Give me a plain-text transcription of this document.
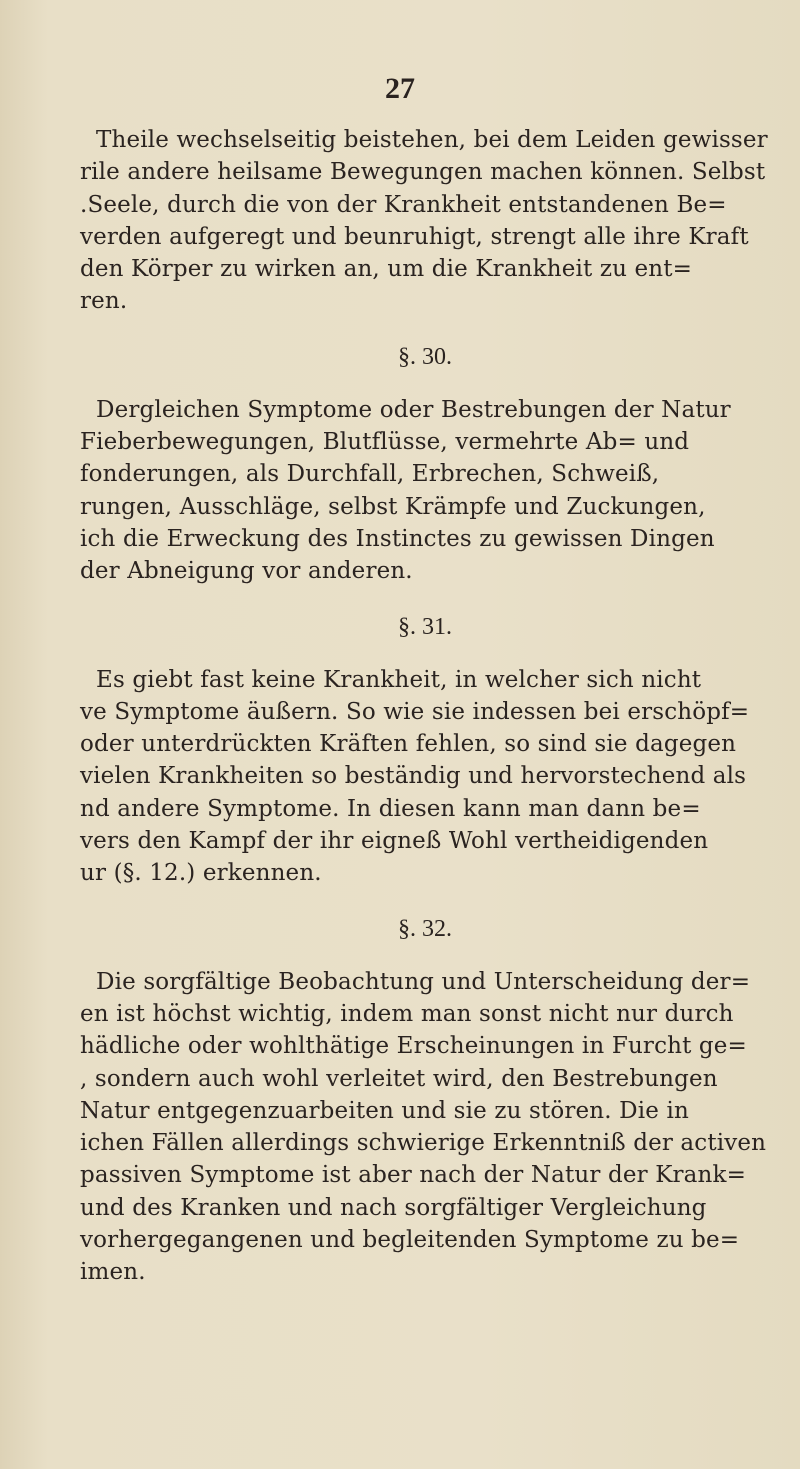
27
Theile wechselseitig beistehen, bei dem Leiden gewisser
rile andere heilsame Bewegungen machen können. Selbst
.Seele, durch die von der Krankheit entstandenen Be=
verden aufgeregt und beunruhigt, strengt alle ihre Kraft
den Körper zu wirken an, um die Krankheit zu ent=
ren.
§. 30.
Dergleichen Symptome oder Bestrebungen der Natur
Fieberbewegungen, Blutflüsse, vermehrte Ab= und
fonderungen, als Durchfall, Erbrechen, Schweiß,
rungen, Ausschläge, selbst Krämpfe und Zuckungen,
ich die Erweckung des Instinctes zu gewissen Dingen
der Abneigung vor anderen.
§. 31.
Es giebt fast keine Krankheit, in welcher sich nicht
ve Symptome äußern. So wie sie indessen bei erschöpf=
oder unterdrückten Kräften fehlen, so sind sie dagegen
vielen Krankheiten so beständig und hervorstechend als
nd andere Symptome. In diesen kann man dann be=
vers den Kampf der ihr eigneß Wohl vertheidigenden
ur (§. 12.) erkennen.
§. 32.
Die sorgfältige Beobachtung und Unterscheidung der=
en ist höchst wichtig, indem man sonst nicht nur durch
hädliche oder wohlthätige Erscheinungen in Furcht ge=
, sondern auch wohl verleitet wird, den Bestrebungen
Natur entgegenzuarbeiten und sie zu stören. Die in
ichen Fällen allerdings schwierige Erkenntniß der activen
passiven Symptome ist aber nach der Natur der Krank=
und des Kranken und nach sorgfältiger Vergleichung
vorhergegangenen und begleitenden Symptome zu be=
imen.
